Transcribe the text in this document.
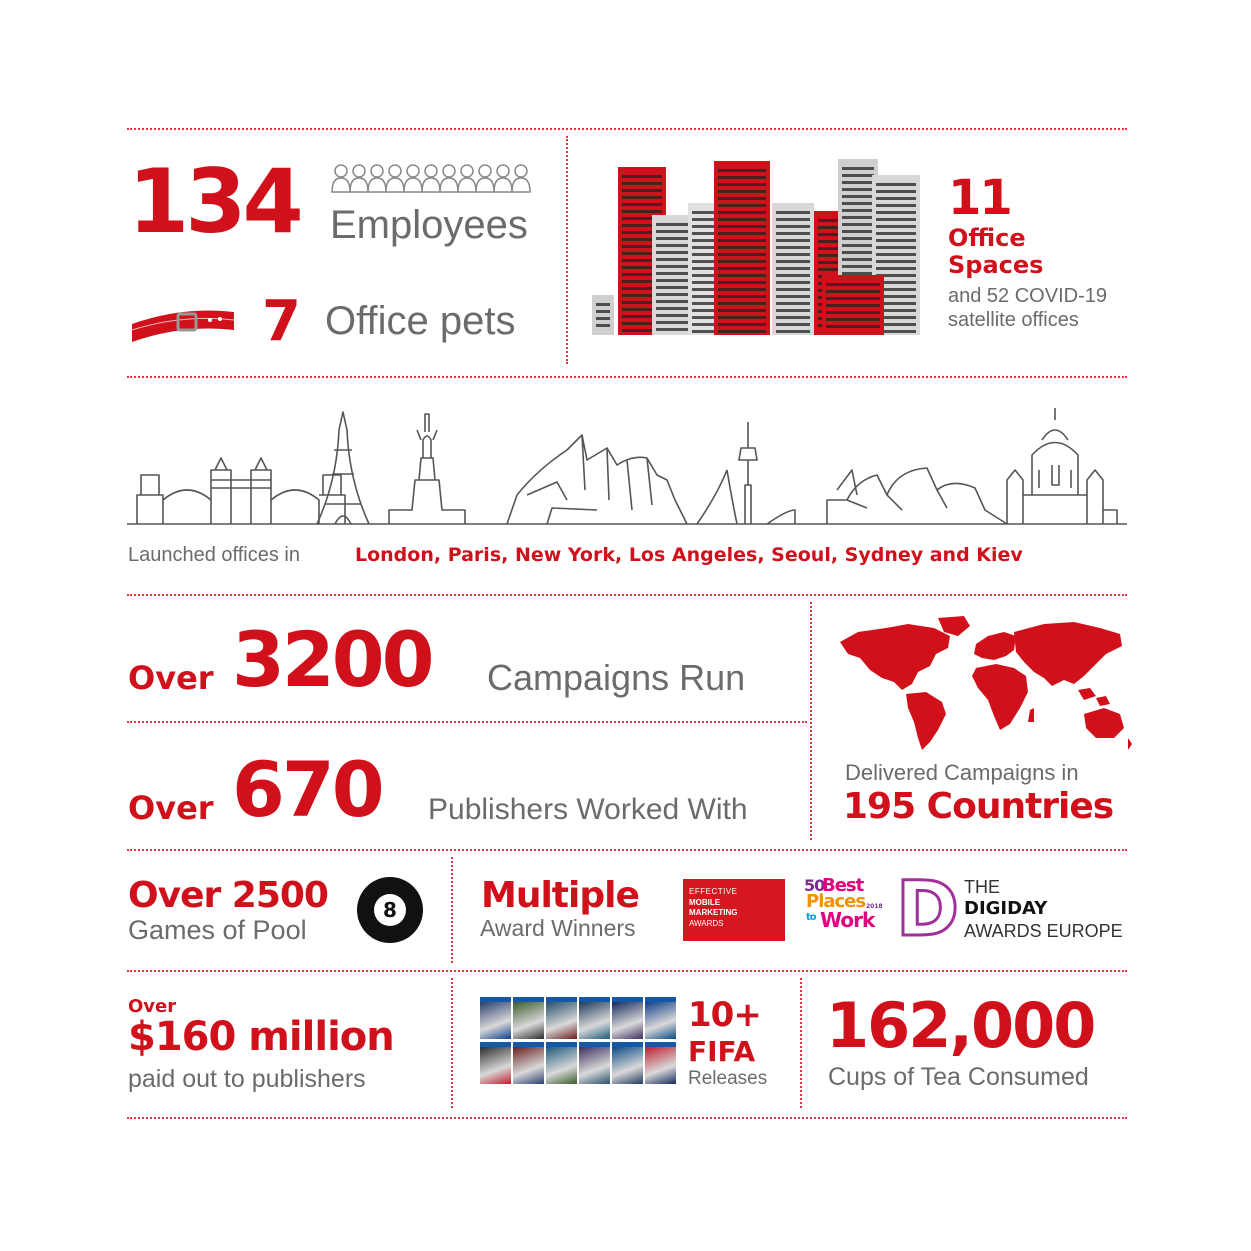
134 Employees
7 Office pets
11
Office
Spaces
and 52 COVID-19
satellite offices
Launched offices in	London, Paris, New York, Los Angeles, Seoul, Sydney and Kiev
Over 3200 Campaigns Run
Over 670 Publishers Worked With
Delivered Campaigns in
195 Countries
Over 2500
Games of Pool
8 Multiple
Award Winners
EFFECTIVE
MOBILE
MARKETING
AWARDS
50
Best
Places
to Work
2018 D THE
DIGIDAY
AWARDS EUROPE
Over
$160 million
paid out to publishers
10+
FIFA
Releases
162,000
Cups of Tea Consumed
